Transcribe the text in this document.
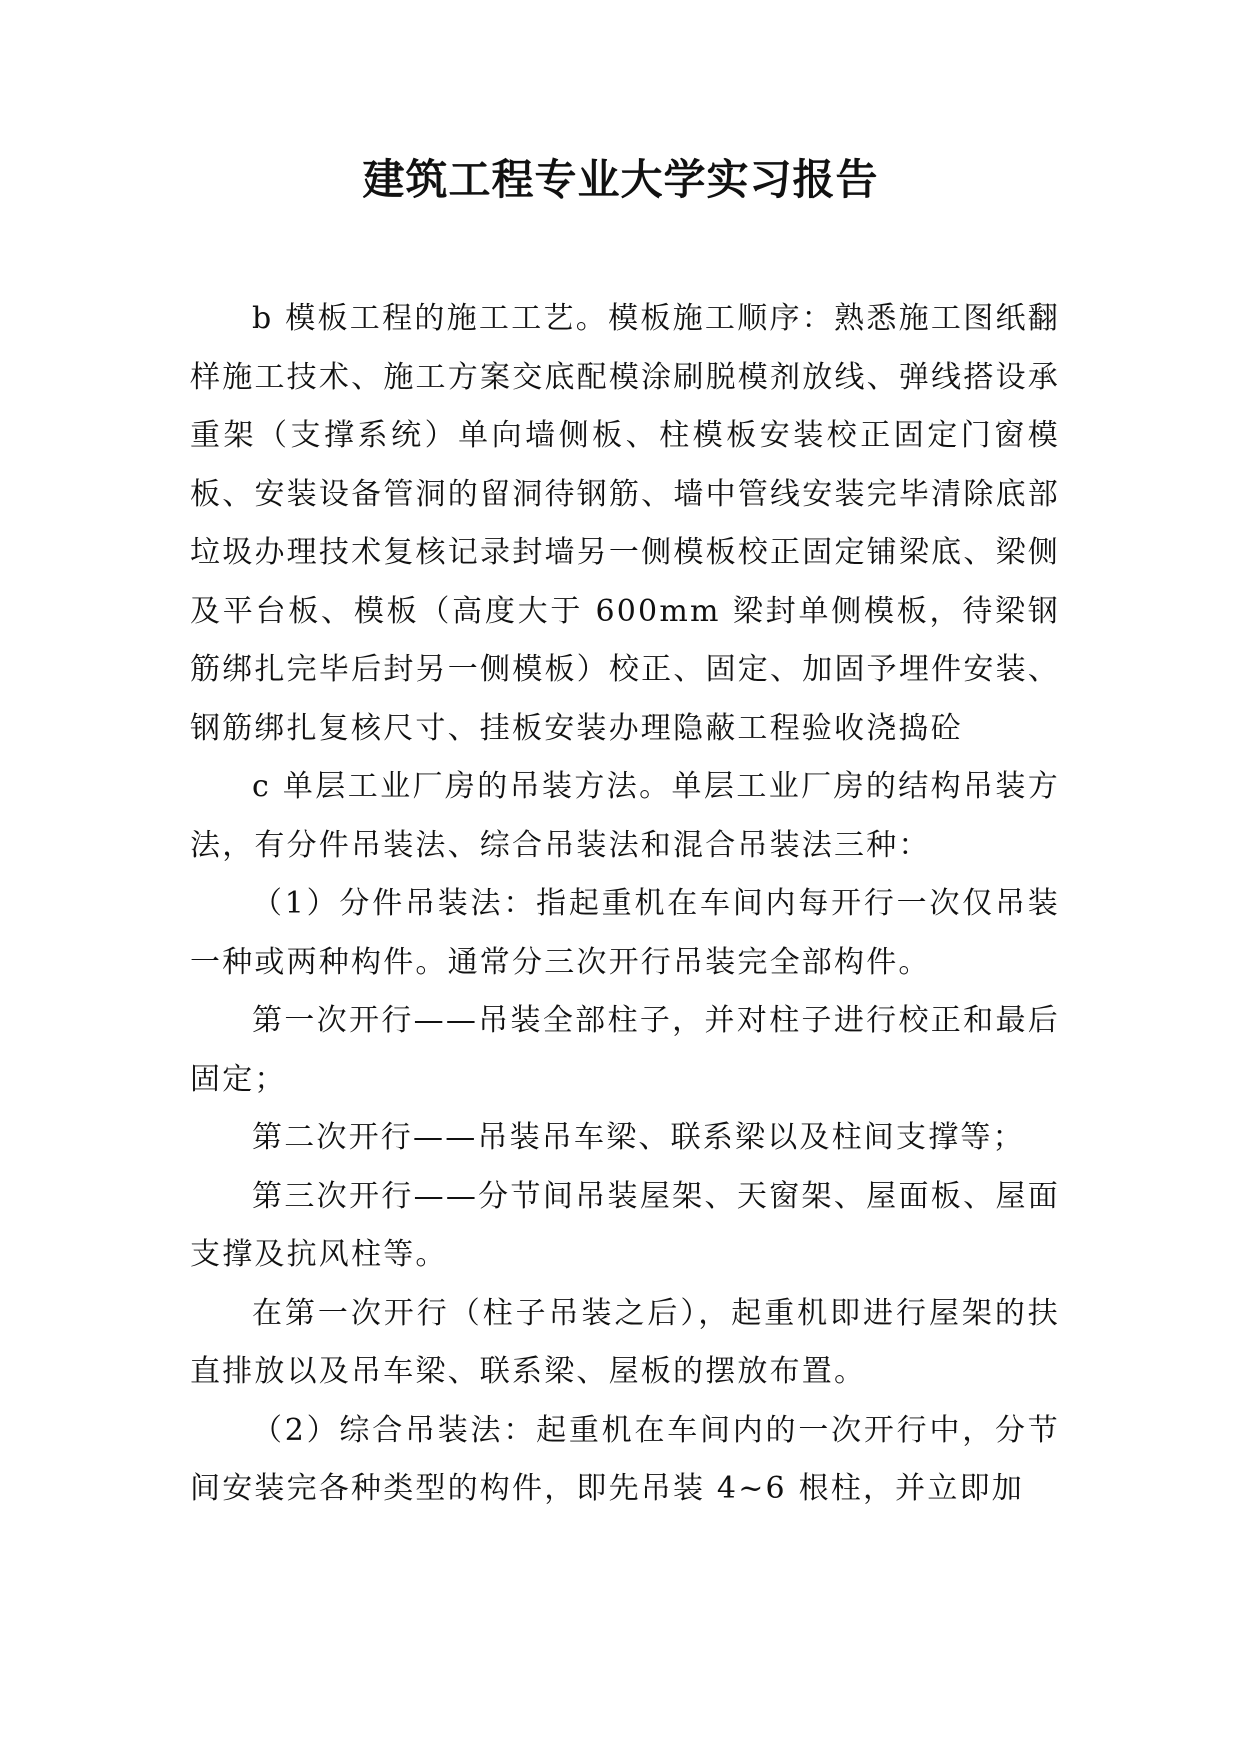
建筑工程专业大学实习报告

b 模板工程的施工工艺。模板施工顺序：熟悉施工图纸翻样施工技术、施工方案交底配模涂刷脱模剂放线、弹线搭设承重架（支撑系统）单向墙侧板、柱模板安装校正固定门窗模板、安装设备管洞的留洞待钢筋、墙中管线安装完毕清除底部垃圾办理技术复核记录封墙另一侧模板校正固定铺梁底、梁侧及平台板、模板（高度大于 600mm 梁封单侧模板，待梁钢筋绑扎完毕后封另一侧模板）校正、固定、加固予埋件安装、钢筋绑扎复核尺寸、挂板安装办理隐蔽工程验收浇捣砼

c 单层工业厂房的吊装方法。单层工业厂房的结构吊装方法，有分件吊装法、综合吊装法和混合吊装法三种：

（1）分件吊装法：指起重机在车间内每开行一次仅吊装一种或两种构件。通常分三次开行吊装完全部构件。

第一次开行——吊装全部柱子，并对柱子进行校正和最后固定；

第二次开行——吊装吊车梁、联系梁以及柱间支撑等；

第三次开行——分节间吊装屋架、天窗架、屋面板、屋面支撑及抗风柱等。

在第一次开行（柱子吊装之后），起重机即进行屋架的扶直排放以及吊车梁、联系梁、屋板的摆放布置。

（2）综合吊装法：起重机在车间内的一次开行中，分节间安装完各种类型的构件，即先吊装 4~6 根柱，并立即加
